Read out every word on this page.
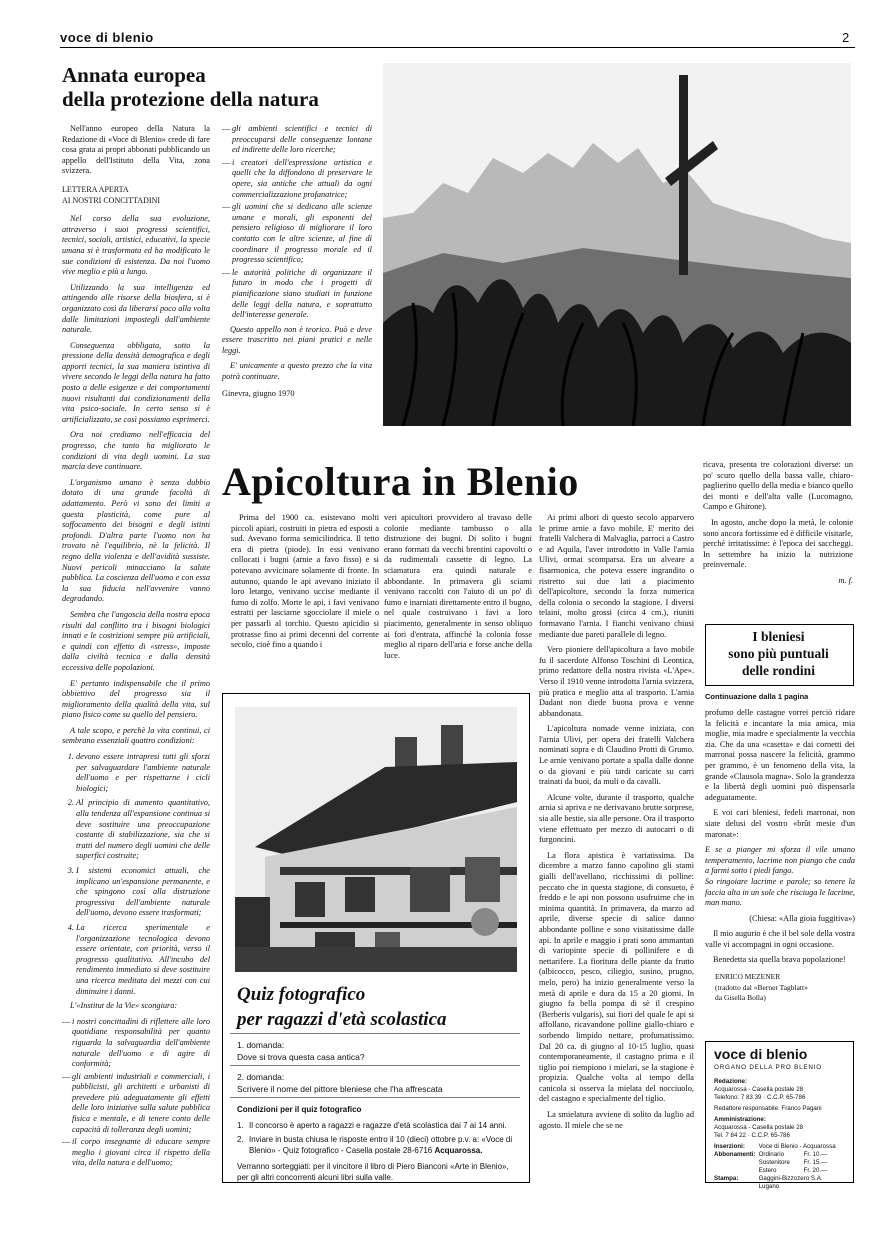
voce di blenio	2
Annata europea
della protezione della natura

Nell'anno europeo della Natura la Redazione di «Voce di Blenio» crede di fare cosa grata ai propri abbonati pubblicando un appello dell'Istituto della Vita, zona svizzera.

LETTERA APERTA
AI NOSTRI CONCITTADINI

Nel corso della sua evoluzione, attraverso i suoi progressi scientifici, tecnici, sociali, artistici, educativi, la specie umana si è trasformata ed ha modificato le sue condizioni di esistenza. Da noi l'uomo vive meglio e più a lungo.

Utilizzando la sua intelligenza ed attingendo alle risorse della biosfera, si è organizzato così da liberarsi poco alla volta dalle limitazioni impostegli dall'ambiente naturale.

Conseguenza obbligata, sotto la pressione della densità demografica e degli apporti tecnici, la sua maniera istintiva di vivere secondo le leggi della natura ha fatto posto a delle esigenze e dei comportamenti nuovi risultanti dai condizionamenti della vita psico-sociale. In certo senso si è artificializzato, se così possiamo esprimerci.

Ora noi crediamo nell'efficacia del progresso, che tanto ha migliorato le condizioni di vita degli uomini. La sua marcia deve continuare.

L'organismo umano è senza dubbio dotato di una grande facoltà di adattamento. Però vi sono dei limiti a questa plasticità, come pure al soffocamento dei bisogni e degli istinti profondi. D'altra parte l'uomo non ha trovato nè l'equilibrio, nè la felicità. Il regno della violenza e dell'avidità sussiste. Nuovi pericoli minacciano la salute pubblica. La coscienza dell'uomo e con essa la sua fiducia nell'avvenire vanno degradando.

Sembra che l'angoscia della nostra epoca risulti dal conflitto tra i bisogni biologici innati e le costrizioni sempre più artificiali, e quindi con effetto di «stress», imposte dalla civiltà tecnica e dalla densità eccessiva delle popolazioni.

E' pertanto indispensabile che il primo obbiettivo del progresso sia il miglioramento della qualità della vita, sul piano fisico come su quello del pensiero.

A tale scopo, e perchè la vita continui, ci sembrano essenziali quattro condizioni:

1. devono essere intrapresi tutti gli sforzi per salvaguardare l'ambiente naturale dell'uomo e per rispettarne i cicli biologici;
2. Al principio di aumento quantitativo, alla tendenza all'espansione continua si deve sostituire una preoccupazione costante di stabilizzazione, sia che si tratti del numero degli uomini che delle superfici costruite;
3. I sistemi economici attuali, che implicano un'espansione permanente, e che spingono così alla distruzione progressiva dell'ambiente naturale dell'uomo, devono essere trasformati;
4. La ricerca sperimentale e l'organizzazione tecnologica devono essere orientate, con priorità, verso il progresso qualitativo. All'incubo del rendimento immediato si deve sostituire una ricerca meditata dei mezzi con cui diminuire i danni.

L'«Institut de la Vie» scongiura:

— i nostri concittadini di riflettere alle loro quotidiane responsabilità per quanto riguarda la salvaguardia dell'ambiente naturale dell'uomo e di agire di conformità;
— gli ambienti industriali e commerciali, i pubblicisti, gli architetti e urbanisti di prevedere più adeguatamente gli effetti delle loro iniziative sulla salute pubblica fisica e mentale, e di tenere conto delle capacità di tolleranza degli uomini;
— il corpo insegnante di educare sempre meglio i giovani circa il rispetto della vita, della natura e dell'uomo;
— gli ambienti scientifici e tecnici di preoccuparsi delle conseguenze lontane ed indirette delle loro ricerche;
— i creatori dell'espressione artistica e quelli che la diffondono di preservare le opere, sia antiche che attuali da ogni commercializzazione profanatrice;
— gli uomini che si dedicano alle scienze umane e morali, gli esponenti del pensiero religioso di migliorare il loro contatto con le altre scienze, al fine di coordinare il progresso morale ed il progresso scientifico;
— le autorità politiche di organizzare il futuro in modo che i progetti di pianificazione siano studiati in funzione delle leggi della natura, e soprattutto dell'interesse generale.

Questo appello non è teorico. Può e deve essere trascritto nei piani pratici e nelle leggi.

E' unicamente a questo prezzo che la vita potrà continuare.

Ginevra, giugno 1970
Apicoltura in Blenio

Prima del 1900 ca. esistevano molti piccoli apiari, costruiti in pietra ed esposti a sud. Avevano forma semicilindrica. Il tetto era di pietra (piode). In essi venivano collocati i bugni (arnie a favo fisso) e si potevano avvicinare solamente di fronte. In autunno, quando le api avevano iniziato il loro letargo, venivano uccise mediante il fumo di zolfo. Morte le api, i favi venivano estratti per lasciarne sgocciolare il miele o per passarli al torchio. Questo apicidio si protrasse fino ai primi decenni del corrente secolo, cioè fino a quando i

veri apicultori provvidero al travaso delle colonie mediante tambusso o alla distruzione dei bugni. Di solito i bugni erano formati da vecchi brentini capovolti o da rudimentali cassette di legno. La sciamatura era quindi naturale e abbondante. In primavera gli sciami venivano raccolti con l'aiuto di un po' di fumo e inarniati direttamente entro il bugno, nel quale costruivano i favi a loro piacimento, generalmente in senso obliquo ai fori d'entrata, affinché la colonia fosse meglio al riparo dell'aria e forse anche della luce.

Ai primi albori di questo secolo apparvero le prime arnie a favo mobile. E' merito dei fratelli Valchera di Malvaglia, parroci a Castro e ad Aquila, l'aver introdotto in Valle l'arnia Ulivi, ormai scomparsa. Era un alveare a fisarmonica, che poteva essere ingrandito o ristretto sui due lati a piacimento dell'apicoltore, secondo la forza numerica della colonia o secondo la stagione. I diversi telaini, molto grossi (circa 4 cm.), riuniti formavano l'arnia. I fianchi venivano chiusi mediante due pareti parallele di legno.

Vero pioniere dell'apicoltura a favo mobile fu il sacerdote Alfonso Toschini di Leontica, primo redattore della nostra rivista «L'Ape». Verso il 1910 venne introdotta l'arnia svizzera, più pratica e meglio atta al trasporto. L'arnia Dadant non diede buona prova e venne abbandonata.

L'apicoltura nomade venne iniziata, con l'arnia Ulivi, per opera dei fratelli Valchera nominati sopra e di Claudino Protti di Grumo. Le arnie venivano portate a spalla dalle donne o da giovani e più tardi caricate su carri trainati da buoi, da muli o da cavalli.

Alcune volte, durante il trasporto, qualche arnia si apriva e ne derivavano brutte sorprese, sia alle bestie, sia alle persone. Ora il trasporto viene effettuato per mezzo di autocarri o di furgoncini.

La flora apistica è variatissima. Da dicembre a marzo fanno capolino gli stami gialli dell'avellano, ricchissimi di polline: peccato che in questa stagione, di consueto, è freddo e le api non possono usufruirne che in minima quantità. In primavera, da marzo ad aprile, diverse specie di salice danno abbondante polline e sono visitatissime dalle api. In aprile e maggio i prati sono ammantati di variopinte specie di pollinifere e di nettarifere. La fioritura delle piante da frutto (albicocco, pesco, ciliegio, susino, prugno, melo, pero) ha inizio generalmente verso la metà di aprile e dura da 15 a 20 giorni. In giugno fa bella pompa di sè il crespino (Berberis vulgaris), sui fiori del quale le api si affollano, ricavandone polline giallo-chiaro e sorbendo limpido nettare, profumatissimo. Dal 20 ca. di giugno al 10-15 luglio, quasi contemporaneamente, il castagno prima e il tiglio poi riempiono i mielari, se la stagione è propizia. Qualche volta al tempo della canicola si osserva la mielata del nocciuolo, del castagno e specialmente del tiglio.

La smielatura avviene di solito da luglio ad agosto. Il miele che se ne

ricava, presenta tre colorazioni diverse: un po' scuro quello della bassa valle, chiaro-paglierino quello della media e bianco quello dei monti e dell'alta valle (Lucomagno, Campo e Ghirone).

In agosto, anche dopo la metà, le colonie sono ancora fortissime ed è difficile visitarle, perché irritatissime: è l'epoca dei saccheggi. In settembre ha inizio la nutrizione preinvernale.

m. f.
Quiz fotografico
per ragazzi d'età scolastica
1. domanda:
Dove si trova questa casa antica?
2. domanda:
Scrivere il nome del pittore bleniese che l'ha affrescata
Condizioni per il quiz fotografico
1. Il concorso è aperto a ragazzi e ragazze d'età scolastica dai 7 ai 14 anni.
2. Inviare in busta chiusa le risposte entro il 10 (dieci) ottobre p.v. a: «Voce di Blenio» - Quiz fotografico - Casella postale 28-6716 Acquarossa.
Verranno sorteggiati: per il vincitore il libro di Piero Bianconi «Arte in Blenio», per gli altri concorrenti alcuni libri sulla valle.
I bleniesi
sono più puntuali
delle rondini
Continuazione dalla 1 pagina

profumo delle castagne vorrei perciò ridare la felicità e incantare la mia amica, mia moglie, mia madre e specialmente la vecchia zia. Che da una «casetta» e dai cornetti dei marronai possa nascere la felicità, grammo per grammo, è un fenomeno della vita, la grande «Clausola magna». Solo la grandezza e la libertà degli uomini può dispensarla adeguatamente.

E voi cari bleniesi, fedeli marronai, non siate delusi del vostro «brût mesie d'un maronat»:

E se a pianger mi sforza il vile umano temperamento, lacrime non piango che cada a farmi sotto i piedi fango.

So ringoiare lacrime e parole; so tenere la faccia alta in un sole che risciuga le lacrime, man mano.

(Chiesa: «Alla gioia fuggitiva»)

Il mio augurio è che il bel sole della vostra valle vi accompagni in ogni occasione.

Benedetta sia quella brava popolazione!

ENRICO MEZENER
(tradotto dal «Berner Tagblatt»
da Gisella Bolla)
voce di blenio
ORGANO DELLA PRO BLENIO
Redazione:
Acquarossa - Casella postale 28
Telefono: 7 83 39 · C.C.P. 65-786
Redattore responsabile: Franco Pagani
Amministrazione:
Acquarossa - Casella postale 28
Tel. 7 84 22 · C.C.P. 65-786
Inserzioni:	Voce di Blenio - Acquarossa	
Abbonamenti:	Ordinario	Fr. 10.—
	Sostenitore	Fr. 15.—
	Estero	Fr. 20.—
Stampa:	Gaggini-Bizzozero S.A.	
	Lugano	
